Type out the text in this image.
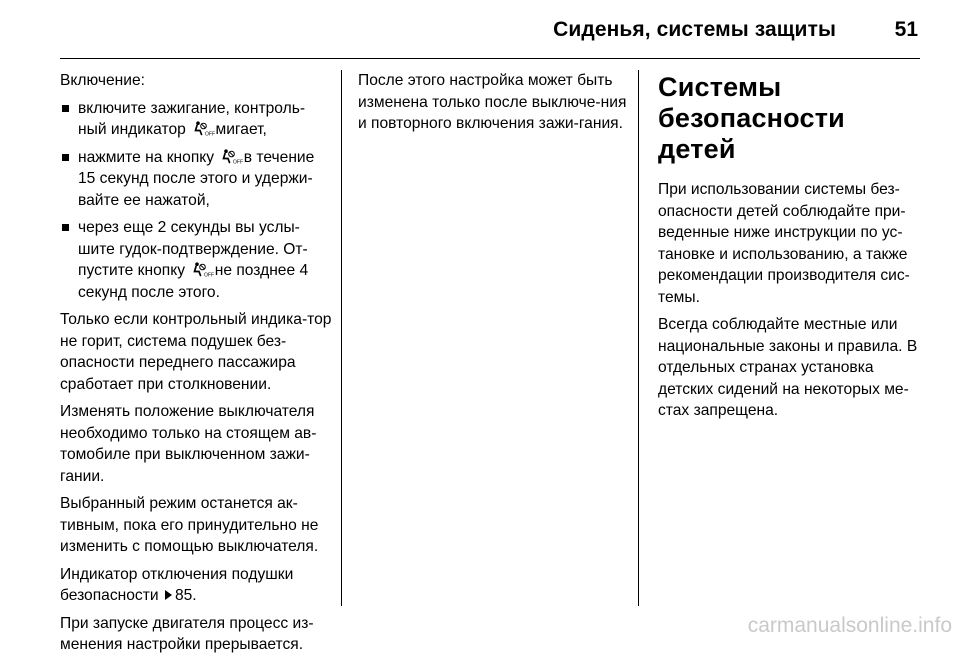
Сиденья, системы защиты	51

Включение:

включите зажигание, контроль-ный индикатор	OFF мигает,
нажмите на кнопку	OFF в течение 15 секунд после этого и удержи-вайте ее нажатой,
через еще 2 секунды вы услы-шите гудок-подтверждение. От-пустите кнопку	OFF не позднее 4 секунд после этого.

Только если контрольный индика-тор не горит, система подушек без-опасности переднего пассажира сработает при столкновении.

Изменять положение выключателя необходимо только на стоящем ав-томобиле при выключенном зажи-гании.

Выбранный режим останется ак-тивным, пока его принудительно не изменить с помощью выключателя.

Индикатор отключения подушки безопасности 85.

При запуске двигателя процесс из-менения настройки прерывается.

После этого настройка может быть изменена только после выключе-ния и повторного включения зажи-гания.

Системы безопасности детей

При использовании системы без-опасности детей соблюдайте при-веденные ниже инструкции по ус-тановке и использованию, а также рекомендации производителя сис-темы.

Всегда соблюдайте местные или национальные законы и правила. В отдельных странах установка детских сидений на некоторых ме-стах запрещена.

carmanualsonline.info
